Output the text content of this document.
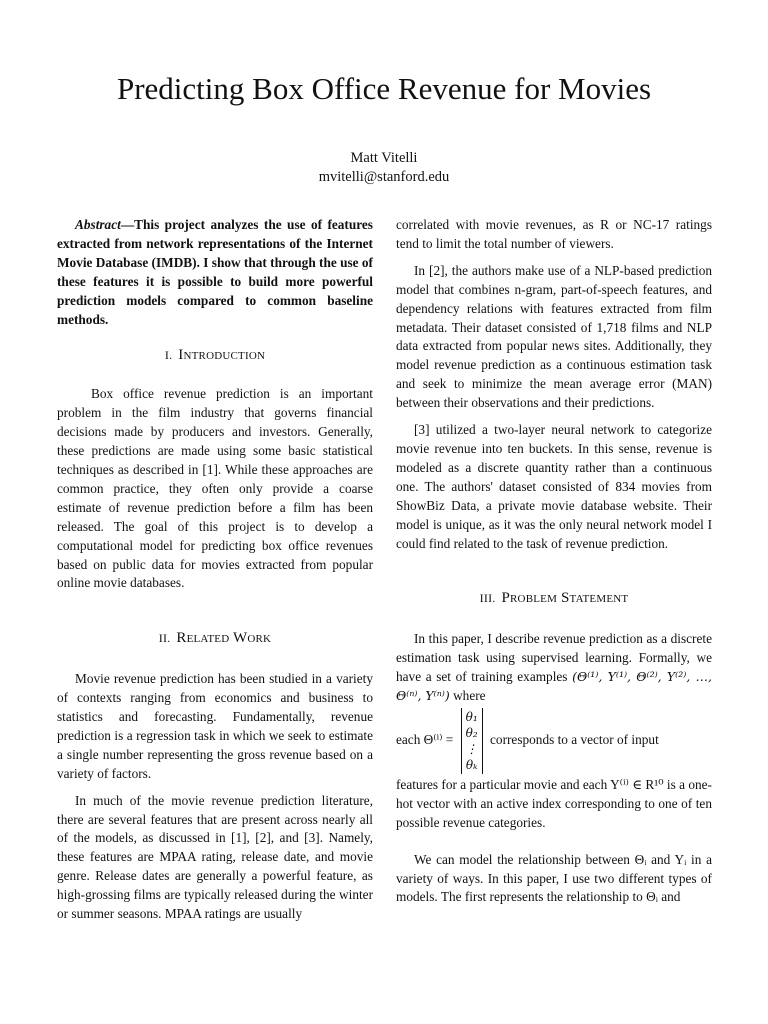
Predicting Box Office Revenue for Movies
Matt Vitelli
mvitelli@stanford.edu

Abstract—This project analyzes the use of features extracted from network representations of the Internet Movie Database (IMDB). I show that through the use of these features it is possible to build more powerful prediction models compared to common baseline methods.

I. Introduction

Box office revenue prediction is an important problem in the film industry that governs financial decisions made by producers and investors. Generally, these predictions are made using some basic statistical techniques as described in [1]. While these approaches are common practice, they often only provide a coarse estimate of revenue prediction before a film has been released. The goal of this project is to develop a computational model for predicting box office revenues based on public data for movies extracted from popular online movie databases.

II. Related Work

Movie revenue prediction has been studied in a variety of contexts ranging from economics and business to statistics and forecasting. Fundamentally, revenue prediction is a regression task in which we seek to estimate a single number representing the gross revenue based on a variety of factors.

In much of the movie revenue prediction literature, there are several features that are present across nearly all of the models, as discussed in [1], [2], and [3]. Namely, these features are MPAA rating, release date, and movie genre. Release dates are generally a powerful feature, as high-grossing films are typically released during the winter or summer seasons. MPAA ratings are usually

correlated with movie revenues, as R or NC-17 ratings tend to limit the total number of viewers.

In [2], the authors make use of a NLP-based prediction model that combines n-gram, part-of-speech features, and dependency relations with features extracted from film metadata. Their dataset consisted of 1,718 films and NLP data extracted from popular news sites. Additionally, they model revenue prediction as a continuous estimation task and seek to minimize the mean average error (MAN) between their observations and their predictions.

[3] utilized a two-layer neural network to categorize movie revenue into ten buckets. In this sense, revenue is modeled as a discrete quantity rather than a continuous one. The authors' dataset consisted of 834 movies from ShowBiz Data, a private movie database website. Their model is unique, as it was the only neural network model I could find related to the task of revenue prediction.

III. Problem Statement

In this paper, I describe revenue prediction as a discrete estimation task using supervised learning. Formally, we have a set of training examples (Θ⁽¹⁾, Y⁽¹⁾, Θ⁽²⁾, Y⁽²⁾, …, Θ⁽ⁿ⁾, Y⁽ⁿ⁾) where

each Θ⁽ⁱ⁾ =
θ₁
θ₂
⋮
θₖ
corresponds to a vector of input

features for a particular movie and each Y⁽ⁱ⁾ ∈ R¹⁰ is a one-hot vector with an active index corresponding to one of ten possible revenue categories.

We can model the relationship between Θᵢ and Yᵢ in a variety of ways. In this paper, I use two different types of models. The first represents the relationship to Θᵢ and
